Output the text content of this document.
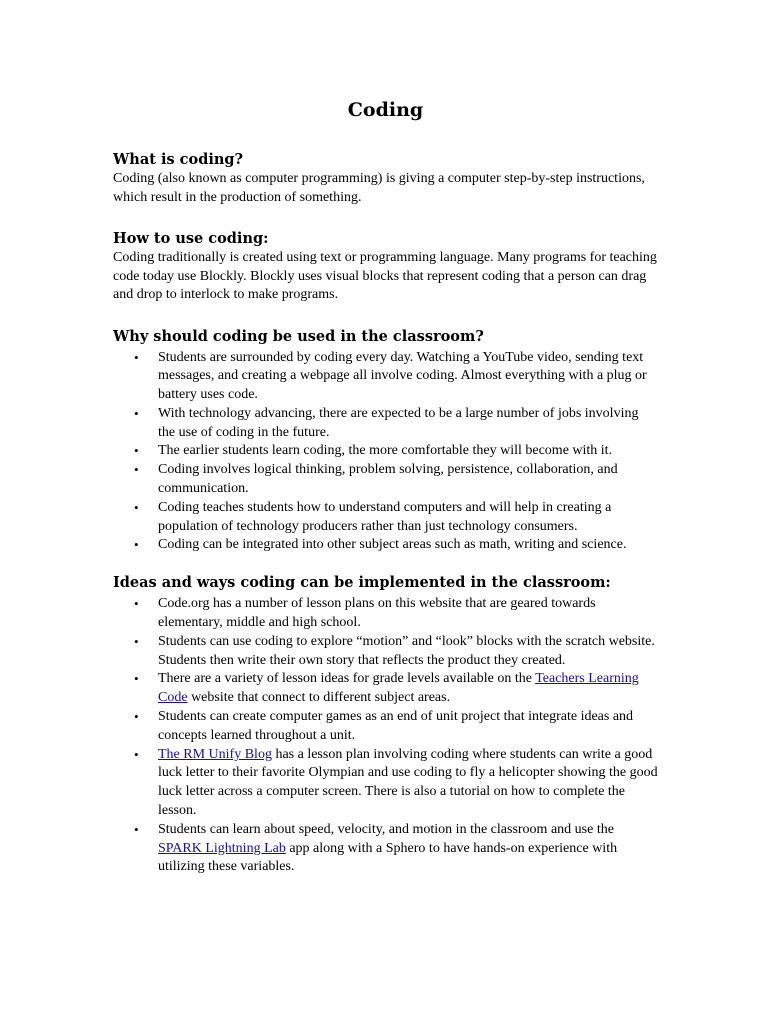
Coding

What is coding?

Coding (also known as computer programming) is giving a computer step-by-step instructions, which result in the production of something.

How to use coding:

Coding traditionally is created using text or programming language. Many programs for teaching code today use Blockly. Blockly uses visual blocks that represent coding that a person can drag and drop to interlock to make programs.

Why should coding be used in the classroom?

• Students are surrounded by coding every day. Watching a YouTube video, sending text messages, and creating a webpage all involve coding. Almost everything with a plug or battery uses code.
• With technology advancing, there are expected to be a large number of jobs involving the use of coding in the future.
• The earlier students learn coding, the more comfortable they will become with it.
• Coding involves logical thinking, problem solving, persistence, collaboration, and communication.
• Coding teaches students how to understand computers and will help in creating a population of technology producers rather than just technology consumers.
• Coding can be integrated into other subject areas such as math, writing and science.

Ideas and ways coding can be implemented in the classroom:

• Code.org has a number of lesson plans on this website that are geared towards elementary, middle and high school.
• Students can use coding to explore “motion” and “look” blocks with the scratch website. Students then write their own story that reflects the product they created.
• There are a variety of lesson ideas for grade levels available on the Teachers Learning Code website that connect to different subject areas.
• Students can create computer games as an end of unit project that integrate ideas and concepts learned throughout a unit.
• The RM Unify Blog has a lesson plan involving coding where students can write a good luck letter to their favorite Olympian and use coding to fly a helicopter showing the good luck letter across a computer screen. There is also a tutorial on how to complete the lesson.
• Students can learn about speed, velocity, and motion in the classroom and use the SPARK Lightning Lab app along with a Sphero to have hands-on experience with utilizing these variables.
